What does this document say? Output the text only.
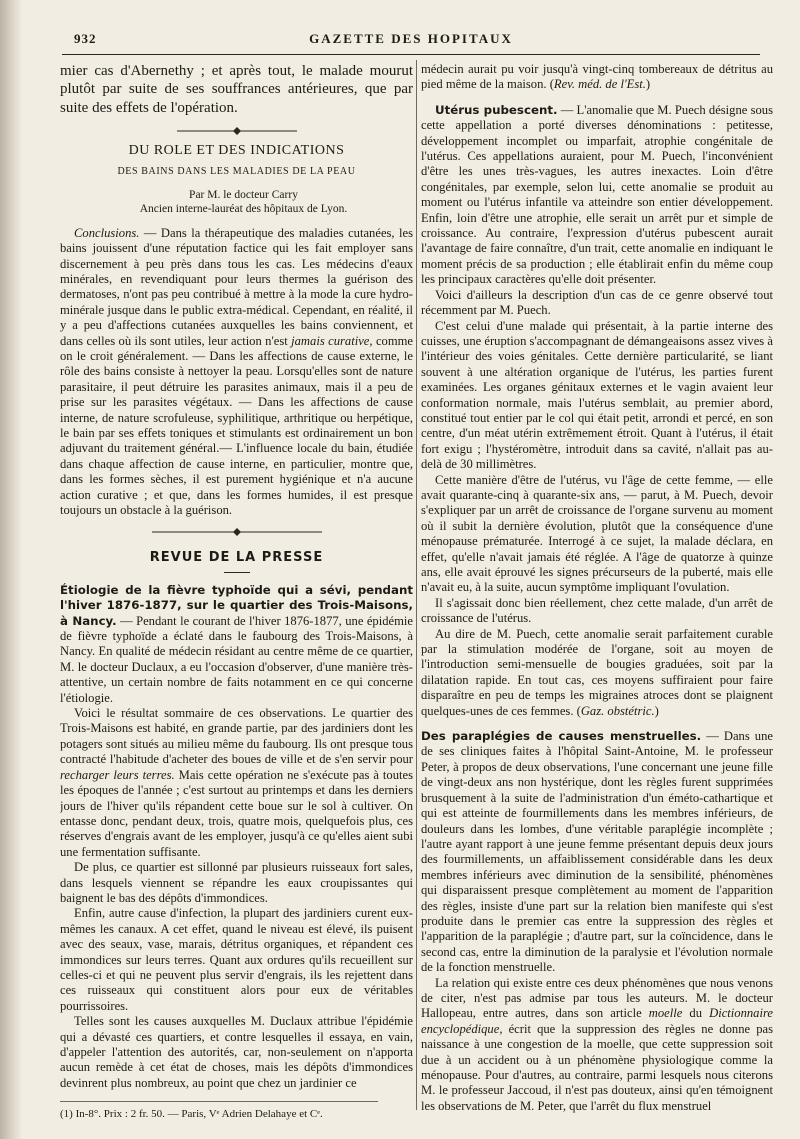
932	GAZETTE DES HOPITAUX

mier cas d'Abernethy ; et après tout, le malade mourut plutôt par suite de ses souffrances antérieures, que par suite des effets de l'opération.

DU ROLE ET DES INDICATIONS
DES BAINS DANS LES MALADIES DE LA PEAU

Par M. le docteur Carry

Ancien interne-lauréat des hôpitaux de Lyon.

Conclusions. — Dans la thérapeutique des maladies cutanées, les bains jouissent d'une réputation factice qui les fait employer sans discernement à peu près dans tous les cas. Les médecins d'eaux minérales, en revendiquant pour leurs thermes la guérison des dermatoses, n'ont pas peu contribué à mettre à la mode la cure hydro-minérale jusque dans le public extra-médical. Cependant, en réalité, il y a peu d'affections cutanées auxquelles les bains conviennent, et dans celles où ils sont utiles, leur action n'est jamais curative, comme on le croit généralement. — Dans les affections de cause externe, le rôle des bains consiste à nettoyer la peau. Lorsqu'elles sont de nature parasitaire, il peut détruire les parasites animaux, mais il a peu de prise sur les parasites végétaux. — Dans les affections de cause interne, de nature scrofuleuse, syphilitique, arthritique ou herpétique, le bain par ses effets toniques et stimulants est ordinairement un bon adjuvant du traitement général.— L'influence locale du bain, étudiée dans chaque affection de cause interne, en particulier, montre que, dans les formes sèches, il est purement hygiénique et n'a aucune action curative ; et que, dans les formes humides, il est presque toujours un obstacle à la guérison.

REVUE DE LA PRESSE

Étiologie de la fièvre typhoïde qui a sévi, pendant l'hiver 1876-1877, sur le quartier des Trois-Maisons, à Nancy. — Pendant le courant de l'hiver 1876-1877, une épidémie de fièvre typhoïde a éclaté dans le faubourg des Trois-Maisons, à Nancy. En qualité de médecin résidant au centre même de ce quartier, M. le docteur Duclaux, a eu l'occasion d'observer, d'une manière très-attentive, un certain nombre de faits notamment en ce qui concerne l'étiologie.

Voici le résultat sommaire de ces observations. Le quartier des Trois-Maisons est habité, en grande partie, par des jardiniers dont les potagers sont situés au milieu même du faubourg. Ils ont presque tous contracté l'habitude d'acheter des boues de ville et de s'en servir pour recharger leurs terres. Mais cette opération ne s'exécute pas à toutes les époques de l'année ; c'est surtout au printemps et dans les derniers jours de l'hiver qu'ils répandent cette boue sur le sol à cultiver. On entasse donc, pendant deux, trois, quatre mois, quelquefois plus, ces réserves d'engrais avant de les employer, jusqu'à ce qu'elles aient subi une fermentation suffisante.

De plus, ce quartier est sillonné par plusieurs ruisseaux fort sales, dans lesquels viennent se répandre les eaux croupissantes qui baignent le bas des dépôts d'immondices.

Enfin, autre cause d'infection, la plupart des jardiniers curent eux-mêmes les canaux. A cet effet, quand le niveau est élevé, ils puisent avec des seaux, vase, marais, détritus organiques, et répandent ces immondices sur leurs terres. Quant aux ordures qu'ils recueillent sur celles-ci et qui ne peuvent plus servir d'engrais, ils les rejettent dans ces ruisseaux qui constituent alors pour eux de véritables pourrissoires.

Telles sont les causes auxquelles M. Duclaux attribue l'épidémie qui a dévasté ces quartiers, et contre lesquelles il essaya, en vain, d'appeler l'attention des autorités, car, non-seulement on n'apporta aucun remède à cet état de choses, mais les dépôts d'immondices devinrent plus nombreux, au point que chez un jardinier ce

(1) In-8°. Prix : 2 fr. 50. — Paris, Vᵉ Adrien Delahaye et Cᵉ.

médecin aurait pu voir jusqu'à vingt-cinq tombereaux de détritus au pied même de la maison. (Rev. méd. de l'Est.)

Utérus pubescent. — L'anomalie que M. Puech désigne sous cette appellation a porté diverses dénominations : petitesse, développement incomplet ou imparfait, atrophie congénitale de l'utérus. Ces appellations auraient, pour M. Puech, l'inconvénient d'être les unes très-vagues, les autres inexactes. Loin d'être congénitales, par exemple, selon lui, cette anomalie se produit au moment ou l'utérus infantile va atteindre son entier développement. Enfin, loin d'être une atrophie, elle serait un arrêt pur et simple de croissance. Au contraire, l'expression d'utérus pubescent aurait l'avantage de faire connaître, d'un trait, cette anomalie en indiquant le moment précis de sa production ; elle établirait enfin du même coup les principaux caractères qu'elle doit présenter.

Voici d'ailleurs la description d'un cas de ce genre observé tout récemment par M. Puech.

C'est celui d'une malade qui présentait, à la partie interne des cuisses, une éruption s'accompagnant de démangeaisons assez vives à l'intérieur des voies génitales. Cette dernière particularité, se liant souvent à une altération organique de l'utérus, les parties furent examinées. Les organes génitaux externes et le vagin avaient leur conformation normale, mais l'utérus semblait, au premier abord, constitué tout entier par le col qui était petit, arrondi et percé, en son centre, d'un méat utérin extrêmement étroit. Quant à l'utérus, il était fort exigu ; l'hystéromètre, introduit dans sa cavité, n'allait pas au-delà de 30 millimètres.

Cette manière d'être de l'utérus, vu l'âge de cette femme, — elle avait quarante-cinq à quarante-six ans, — parut, à M. Puech, devoir s'expliquer par un arrêt de croissance de l'organe survenu au moment où il subit la dernière évolution, plutôt que la conséquence d'une ménopause prématurée. Interrogé à ce sujet, la malade déclara, en effet, qu'elle n'avait jamais été réglée. A l'âge de quatorze à quinze ans, elle avait éprouvé les signes précurseurs de la puberté, mais elle n'avait eu, à la suite, aucun symptôme impliquant l'ovulation.

Il s'agissait donc bien réellement, chez cette malade, d'un arrêt de croissance de l'utérus.

Au dire de M. Puech, cette anomalie serait parfaitement curable par la stimulation modérée de l'organe, soit au moyen de l'introduction semi-mensuelle de bougies graduées, soit par la dilatation rapide. En tout cas, ces moyens suffiraient pour faire disparaître en peu de temps les migraines atroces dont se plaignent quelques-unes de ces femmes. (Gaz. obstétric.)

Des paraplégies de causes menstruelles. — Dans une de ses cliniques faites à l'hôpital Saint-Antoine, M. le professeur Peter, à propos de deux observations, l'une concernant une jeune fille de vingt-deux ans non hystérique, dont les règles furent supprimées brusquement à la suite de l'administration d'un éméto-cathartique et qui est atteinte de fourmillements dans les membres inférieurs, de douleurs dans les lombes, d'une véritable paraplégie incomplète ; l'autre ayant rapport à une jeune femme présentant depuis deux jours des fourmillements, un affaiblissement considérable dans les deux membres inférieurs avec diminution de la sensibilité, phénomènes qui disparaissent presque complètement au moment de l'apparition des règles, insiste d'une part sur la relation bien manifeste qui s'est produite dans le premier cas entre la suppression des règles et l'apparition de la paraplégie ; d'autre part, sur la coïncidence, dans le second cas, entre la diminution de la paralysie et l'évolution normale de la fonction menstruelle.

La relation qui existe entre ces deux phénomènes que nous venons de citer, n'est pas admise par tous les auteurs. M. le docteur Hallopeau, entre autres, dans son article moelle du Dictionnaire encyclopédique, écrit que la suppression des règles ne donne pas naissance à une congestion de la moelle, que cette suppression soit due à un accident ou à un phénomène physiologique comme la ménopause. Pour d'autres, au contraire, parmi lesquels nous citerons M. le professeur Jaccoud, il n'est pas douteux, ainsi qu'en témoignent les observations de M. Peter, que l'arrêt du flux menstruel
